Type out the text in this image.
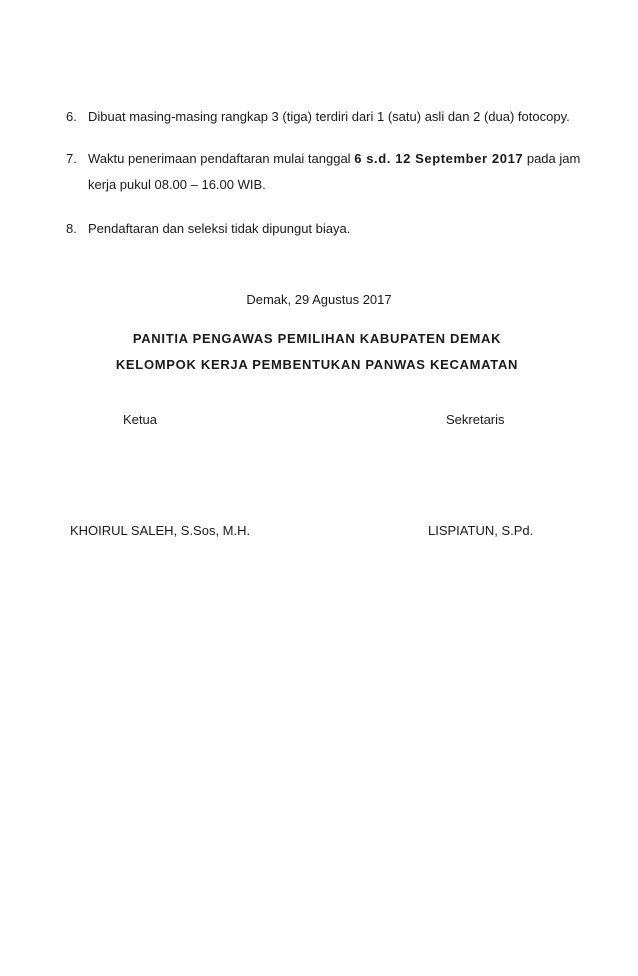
6. Dibuat masing-masing rangkap 3 (tiga) terdiri dari 1 (satu) asli dan 2 (dua) fotocopy.
7. Waktu penerimaan pendaftaran mulai tanggal 6 s.d. 12 September 2017 pada jam kerja pukul 08.00 – 16.00 WIB.
8. Pendaftaran dan seleksi tidak dipungut biaya.
Demak, 29 Agustus 2017
PANITIA PENGAWAS PEMILIHAN KABUPATEN DEMAK
KELOMPOK KERJA PEMBENTUKAN PANWAS KECAMATAN
Ketua	Sekretaris
KHOIRUL SALEH, S.Sos, M.H.	LISPIATUN, S.Pd.
